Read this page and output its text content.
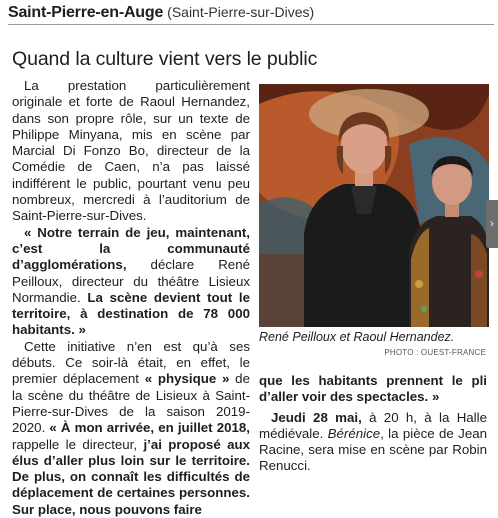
Saint-Pierre-en-Auge (Saint-Pierre-sur-Dives)
Quand la culture vient vers le public

La prestation particulièrement originale et forte de Raoul Hernandez, dans son propre rôle, sur un texte de Philippe Minyana, mis en scène par Marcial Di Fonzo Bo, directeur de la Comédie de Caen, n’a pas laissé indifférent le public, pourtant venu peu nombreux, mercredi à l’auditorium de Saint-Pierre-sur-Dives.

« Notre terrain de jeu, maintenant, c’est la communauté d’agglomérations, déclare René Peilloux, directeur du théâtre Lisieux Normandie. La scène devient tout le territoire, à destination de 78 000 habitants. »

Cette initiative n’en est qu’à ses débuts. Ce soir-là était, en effet, le premier déplacement « physique » de la scène du théâtre de Lisieux à Saint-Pierre-sur-Dives de la saison 2019-2020. « À mon arrivée, en juillet 2018, rappelle le directeur, j’ai proposé aux élus d’aller plus loin sur le territoire. De plus, on connaît les difficultés de déplacement de certaines personnes. Sur place, nous pouvons faire

René Peilloux et Raoul Hernandez.
PHOTO : OUEST-FRANCE

que les habitants prennent le pli d’aller voir des spectacles. »

Jeudi 28 mai, à 20 h, à la Halle médiévale. Bérénice, la pièce de Jean Racine, sera mise en scène par Robin Renucci.

›
